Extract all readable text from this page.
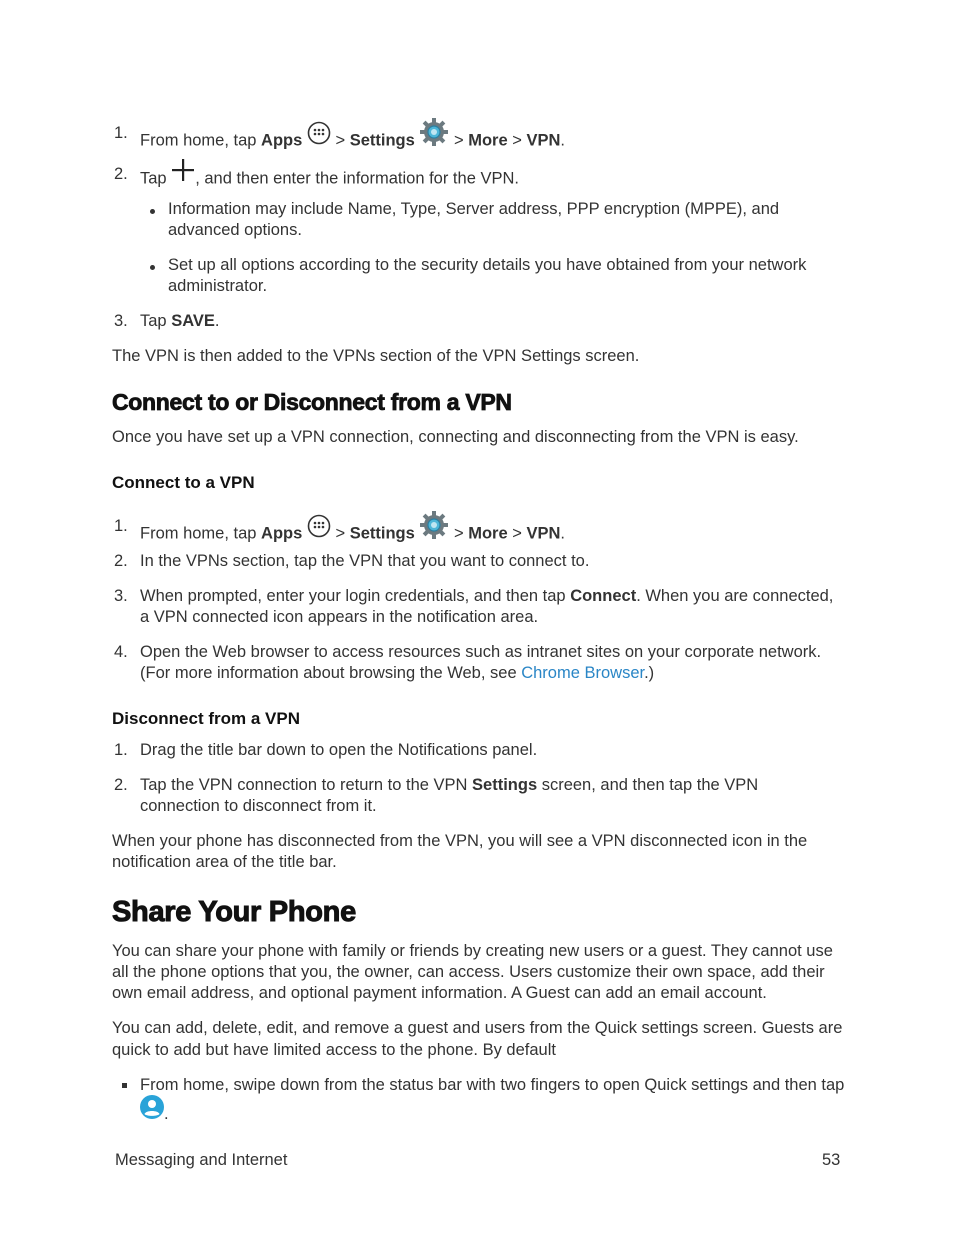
1. From home, tap Apps  > Settings  > More > VPN.
2. Tap , and then enter the information for the VPN.
Information may include Name, Type, Server address, PPP encryption (MPPE), and
advanced options.
Set up all options according to the security details you have obtained from your network
administrator.
3. Tap SAVE.
The VPN is then added to the VPNs section of the VPN Settings screen.
Connect to or Disconnect from a VPN
Once you have set up a VPN connection, connecting and disconnecting from the VPN is easy.
Connect to a VPN
1. From home, tap Apps  > Settings  > More > VPN.
2. In the VPNs section, tap the VPN that you want to connect to.
3. When prompted, enter your login credentials, and then tap Connect. When you are connected,
a VPN connected icon appears in the notification area.
4. Open the Web browser to access resources such as intranet sites on your corporate network.
(For more information about browsing the Web, see Chrome Browser.)
Disconnect from a VPN
1. Drag the title bar down to open the Notifications panel.
2. Tap the VPN connection to return to the VPN Settings screen, and then tap the VPN
connection to disconnect from it.
When your phone has disconnected from the VPN, you will see a VPN disconnected icon in the
notification area of the title bar.
Share Your Phone
You can share your phone with family or friends by creating new users or a guest. They cannot use
all the phone options that you, the owner, can access. Users customize their own space, add their
own email address, and optional payment information. A Guest can add an email account.
You can add, delete, edit, and remove a guest and users from the Quick settings screen. Guests are
quick to add but have limited access to the phone. By default
From home, swipe down from the status bar with two fingers to open Quick settings and then tap
.
Messaging and Internet	53
